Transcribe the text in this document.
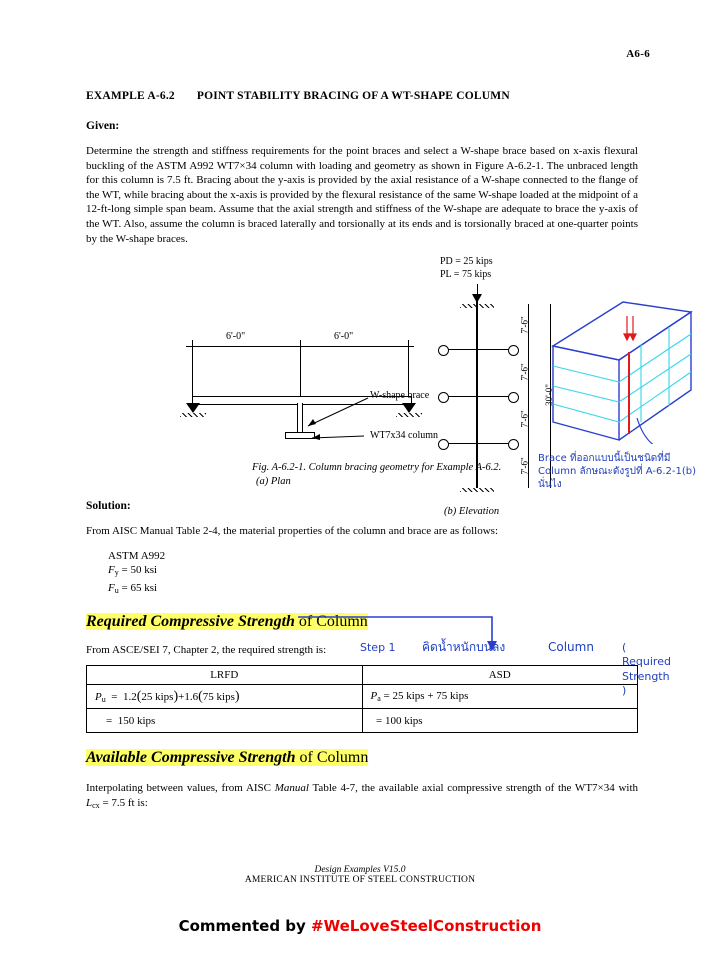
A6-6
EXAMPLE A-6.2 POINT STABILITY BRACING OF A WT-SHAPE COLUMN
Given:
Determine the strength and stiffness requirements for the point braces and select a W-shape brace based on x-axis flexural buckling of the ASTM A992 WT7×34 column with loading and geometry as shown in Figure A-6.2-1. The unbraced length for this column is 7.5 ft. Bracing about the y-axis is provided by the axial resistance of a W-shape connected to the flange of the WT, while bracing about the x-axis is provided by the flexural resistance of the same W-shape loaded at the midpoint of a 12-ft-long simple span beam. Assume that the axial strength and stiffness of the W-shape are adequate to brace the y-axis of the WT. Also, assume the column is braced laterally and torsionally at its ends and is torsionally braced at one-quarter points by the W-shape braces.
6'-0"	6'-0"
W-shape brace
WT7x34 column
(a) Plan
PD = 25 kips
PL = 75 kips
7'-6"
7'-6"
7'-6"
7'-6"
30'-0"
(b) Elevation
Brace ที่ออกแบบนี้เป็นชนิดที่มี
Column ลักษณะดังรูปที่ A-6.2-1(b)
นั่นไง
Fig. A-6.2-1. Column bracing geometry for Example A-6.2.
Solution:
From AISC Manual Table 2-4, the material properties of the column and brace are as follows:
ASTM A992
$F_y = 50$ ksi
$F_u = 65$ ksi
Required Compressive Strength of Column
From ASCE/SEI 7, Chapter 2, the required strength is:	Step 1 คิดน้ำหนักบนลง	Column	( Required Strength )
LRFD	ASD
$P_u = 1.2(25$ kips)+1.6(75 kips)	$P_a = 25$ kips + 75 kips
=  150 kips	= 100 kips
Available Compressive Strength of Column
Interpolating between values, from AISC Manual Table 4-7, the available axial compressive strength of the WT7×34 with $L_{cx} = 7.5$ ft is:
Design Examples V15.0
AMERICAN INSTITUTE OF STEEL CONSTRUCTION
Commented by #WeLoveSteelConstruction
